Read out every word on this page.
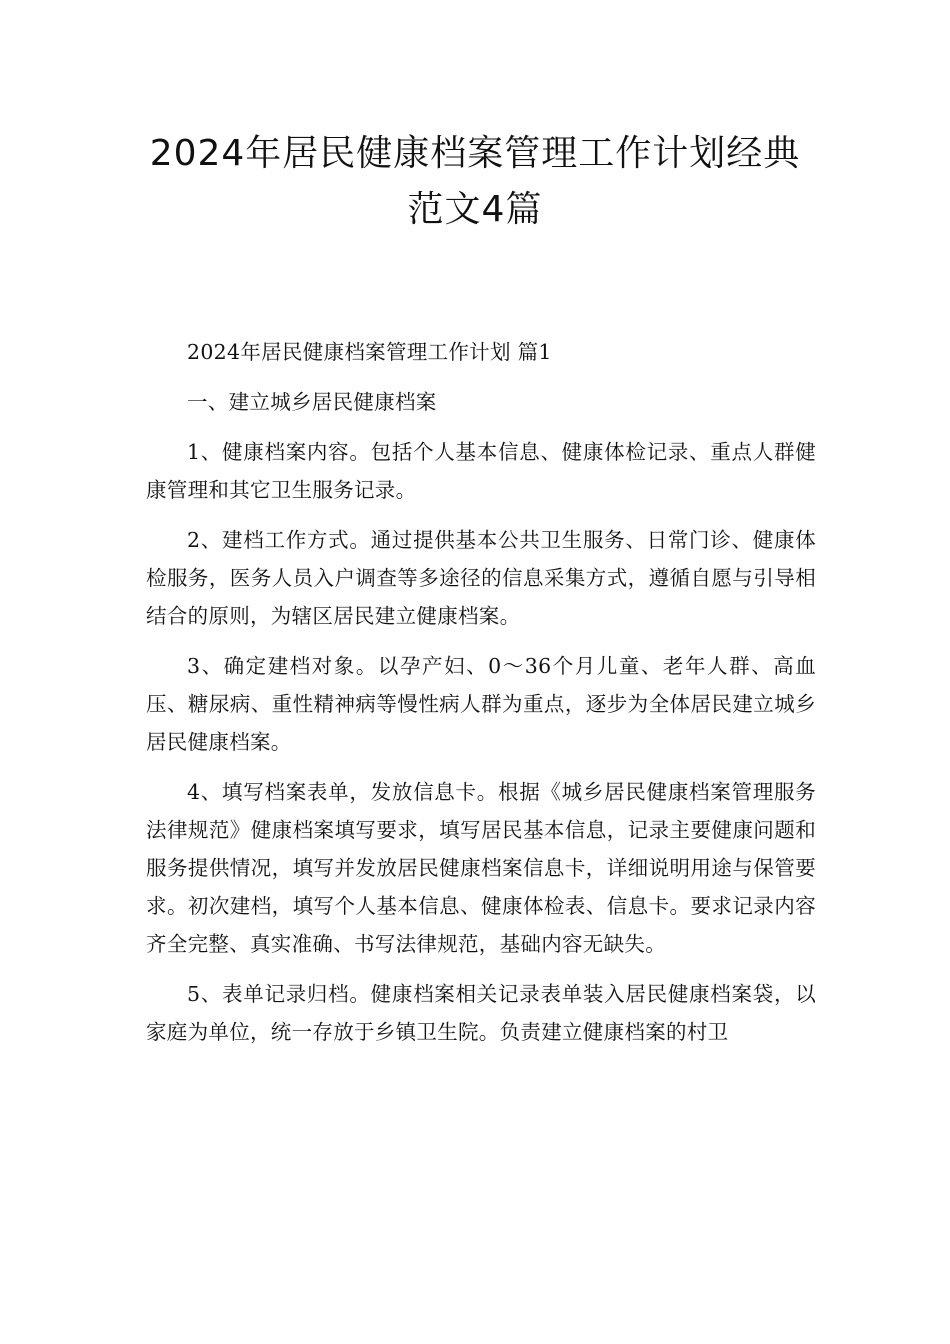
2024年居民健康档案管理工作计划经典
范文4篇

2024年居民健康档案管理工作计划 篇1

一、建立城乡居民健康档案

1、健康档案内容。包括个人基本信息、健康体检记录、重点人群健康管理和其它卫生服务记录。

2、建档工作方式。通过提供基本公共卫生服务、日常门诊、健康体检服务，医务人员入户调查等多途径的信息采集方式，遵循自愿与引导相结合的原则，为辖区居民建立健康档案。

3、确定建档对象。以孕产妇、0～36个月儿童、老年人群、高血压、糖尿病、重性精神病等慢性病人群为重点，逐步为全体居民建立城乡居民健康档案。

4、填写档案表单，发放信息卡。根据《城乡居民健康档案管理服务法律规范》健康档案填写要求，填写居民基本信息，记录主要健康问题和服务提供情况，填写并发放居民健康档案信息卡，详细说明用途与保管要求。初次建档，填写个人基本信息、健康体检表、信息卡。要求记录内容齐全完整、真实准确、书写法律规范，基础内容无缺失。

5、表单记录归档。健康档案相关记录表单装入居民健康档案袋，以家庭为单位，统一存放于乡镇卫生院。负责建立健康档案的村卫
